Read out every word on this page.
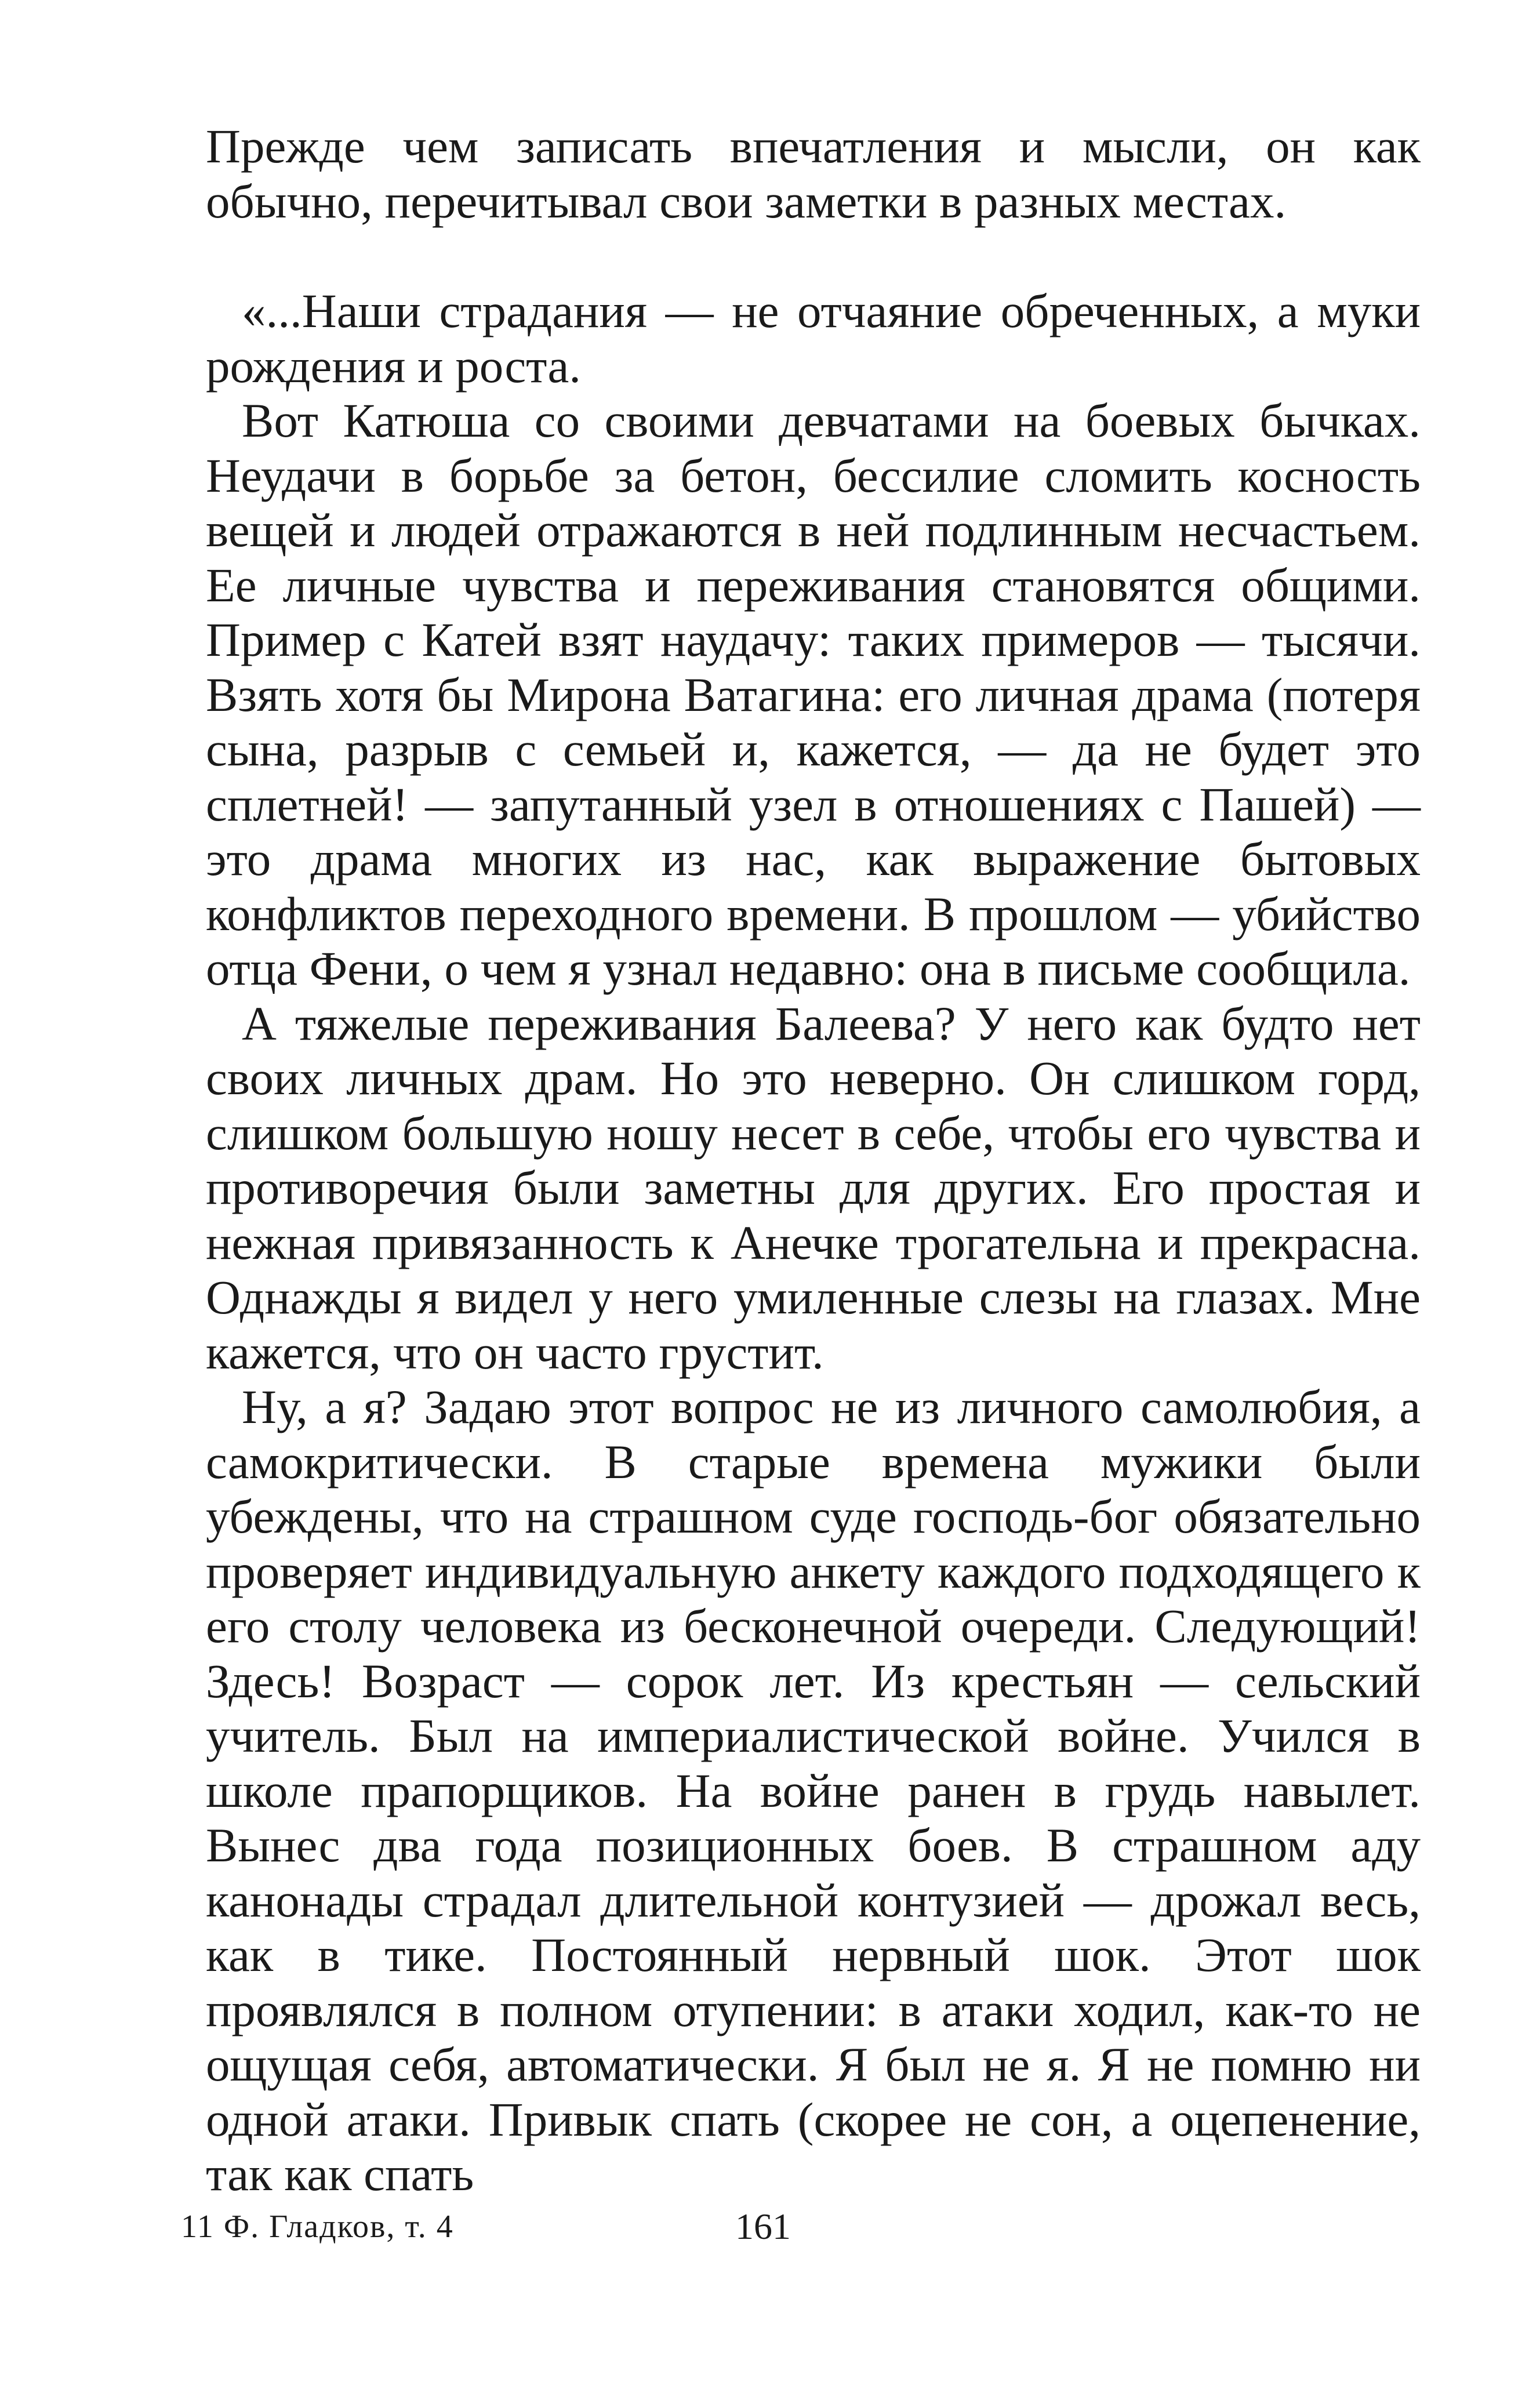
Прежде чем записать впечатления и мысли, он как обычно, перечитывал свои заметки в разных местах.

«...Наши страдания — не отчаяние обреченных, а муки рождения и роста.

Вот Катюша со своими девчатами на боевых бычках. Неудачи в борьбе за бетон, бессилие сломить косность вещей и людей отражаются в ней подлинным несчастьем. Ее личные чувства и переживания становятся общими. Пример с Катей взят наудачу: таких примеров — тысячи. Взять хотя бы Мирона Ватагина: его личная драма (потеря сына, разрыв с семьей и, кажется, — да не будет это сплетней! — запутанный узел в отношениях с Пашей) — это драма многих из нас, как выражение бытовых конфликтов переходного времени. В прошлом — убийство отца Фени, о чем я узнал недавно: она в письме сообщила.

А тяжелые переживания Балеева? У него как будто нет своих личных драм. Но это неверно. Он слишком горд, слишком большую ношу несет в себе, чтобы его чувства и противоречия были заметны для других. Его простая и нежная привязанность к Анечке трогательна и прекрасна. Однажды я видел у него умиленные слезы на глазах. Мне кажется, что он часто грустит.

Ну, а я? Задаю этот вопрос не из личного самолюбия, а самокритически. В старые времена мужики были убеждены, что на страшном суде господь-бог обязательно проверяет индивидуальную анкету каждого подходящего к его столу человека из бесконечной очереди. Следующий! Здесь! Возраст — сорок лет. Из крестьян — сельский учитель. Был на империалистической войне. Учился в школе прапорщиков. На войне ранен в грудь навылет. Вынес два года позиционных боев. В страшном аду канонады страдал длительной контузией — дрожал весь, как в тике. Постоянный нервный шок. Этот шок проявлялся в полном отупении: в атаки ходил, как-то не ощущая себя, автоматически. Я был не я. Я не помню ни одной атаки. Привык спать (скорее не сон, а оцепенение, так как спать

11 Ф. Гладков, т. 4	161
